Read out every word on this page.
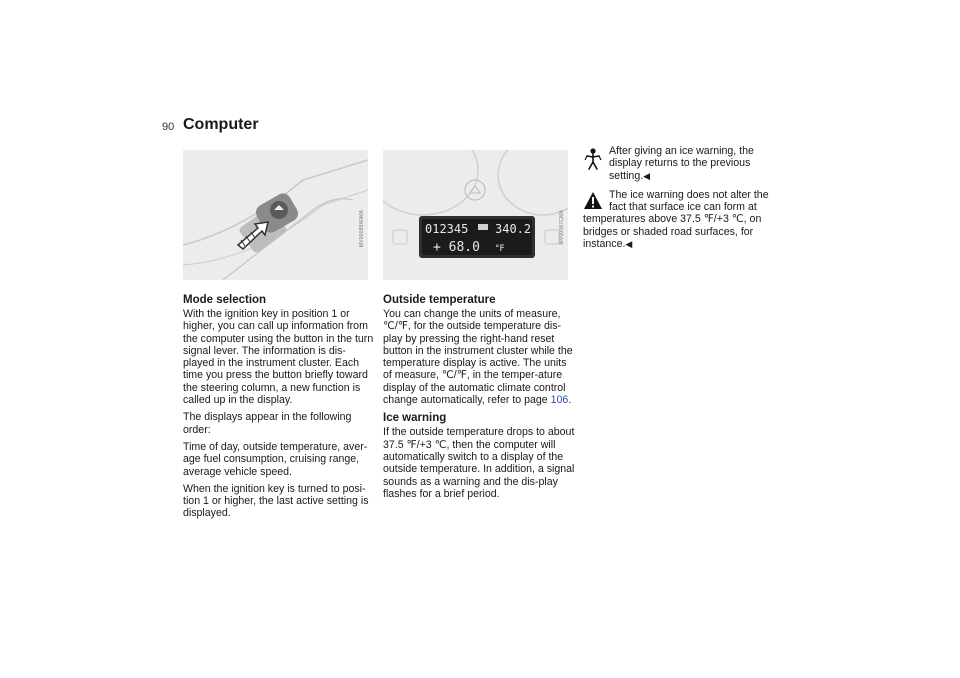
90 Computer
MV00089A0MA
Mode selection

With the ignition key in position 1 or higher, you can call up information from the computer using the button in the turn signal lever. The information is dis-played in the instrument cluster. Each time you press the button briefly toward the steering column, a new function is called up in the display.

The displays appear in the following order:

Time of day, outside temperature, aver-age fuel consumption, cruising range, average vehicle speed.

When the ignition key is turned to posi-tion 1 or higher, the last active setting is displayed.

012345 340.2
+ 68.0 °F
MV00087CMA
Outside temperature

You can change the units of measure, ℃/℉, for the outside temperature dis-play by pressing the right-hand reset button in the instrument cluster while the temperature display is active. The units of measure, ℃/℉, in the temper-ature display of the automatic climate control change automatically, refer to page 106.

Ice warning

If the outside temperature drops to about 37.5 ℉/+3 ℃, then the computer will automatically switch to a display of the outside temperature. In addition, a signal sounds as a warning and the dis-play flashes for a brief period.

After giving an ice warning, the display returns to the previous setting.◀
The ice warning does not alter the fact that surface ice can form at temperatures above 37.5 ℉/+3 ℃, on bridges or shaded road surfaces, for instance.◀
